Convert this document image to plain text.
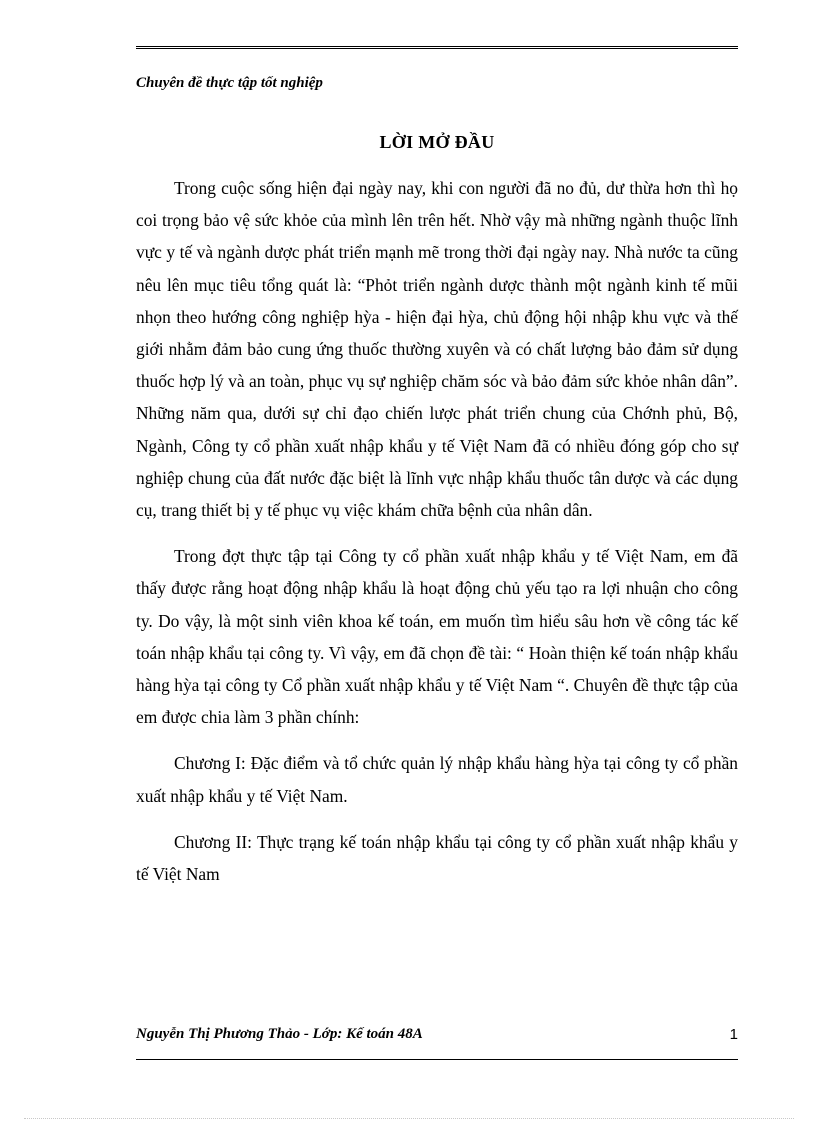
Chuyên đề thực tập tốt nghiệp
LỜI MỞ ĐẦU

Trong cuộc sống hiện đại ngày nay, khi con người đã no đủ, dư thừa hơn thì họ coi trọng bảo vệ sức khỏe của mình lên trên hết. Nhờ vậy mà những ngành thuộc lĩnh vực y tế và ngành dược phát triển mạnh mẽ trong thời đại ngày nay. Nhà nước ta cũng nêu lên mục tiêu tổng quát là: “Phỏt triển ngành dược thành một ngành kinh tế mũi nhọn theo hướng công nghiệp hỳa - hiện đại hỳa, chủ động hội nhập khu vực và thế giới nhằm đảm bảo cung ứng thuốc thường xuyên và có chất lượng bảo đảm sử dụng thuốc hợp lý và an toàn, phục vụ sự nghiệp chăm sóc và bảo đảm sức khỏe nhân dân”. Những năm qua, dưới sự chỉ đạo chiến lược phát triển chung của Chớnh phủ, Bộ, Ngành, Công ty cổ phần xuất nhập khẩu y tế Việt Nam đã có nhiều đóng góp cho sự nghiệp chung của đất nước đặc biệt là lĩnh vực nhập khẩu thuốc tân dược và các dụng cụ, trang thiết bị y tế phục vụ việc khám chữa bệnh của nhân dân.

Trong đợt thực tập tại Công ty cổ phần xuất nhập khẩu y tế Việt Nam, em đã thấy được rằng hoạt động nhập khẩu là hoạt động chủ yếu tạo ra lợi nhuận cho công ty. Do vậy, là một sinh viên khoa kế toán, em muốn tìm hiểu sâu hơn về công tác kế toán nhập khẩu tại công ty. Vì vậy, em đã chọn đề tài: “ Hoàn thiện kế toán nhập khẩu hàng hỳa tại công ty Cổ phần xuất nhập khẩu y tế Việt Nam “. Chuyên đề thực tập của em được chia làm 3 phần chính:

Chương I: Đặc điểm và tổ chức quản lý nhập khẩu hàng hỳa tại công ty cổ phần xuất nhập khẩu y tế Việt Nam.

Chương II: Thực trạng kế toán nhập khẩu tại công ty cổ phần xuất nhập khẩu y tế Việt Nam

Nguyễn Thị Phương Thảo - Lớp: Kế toán 48A	1
